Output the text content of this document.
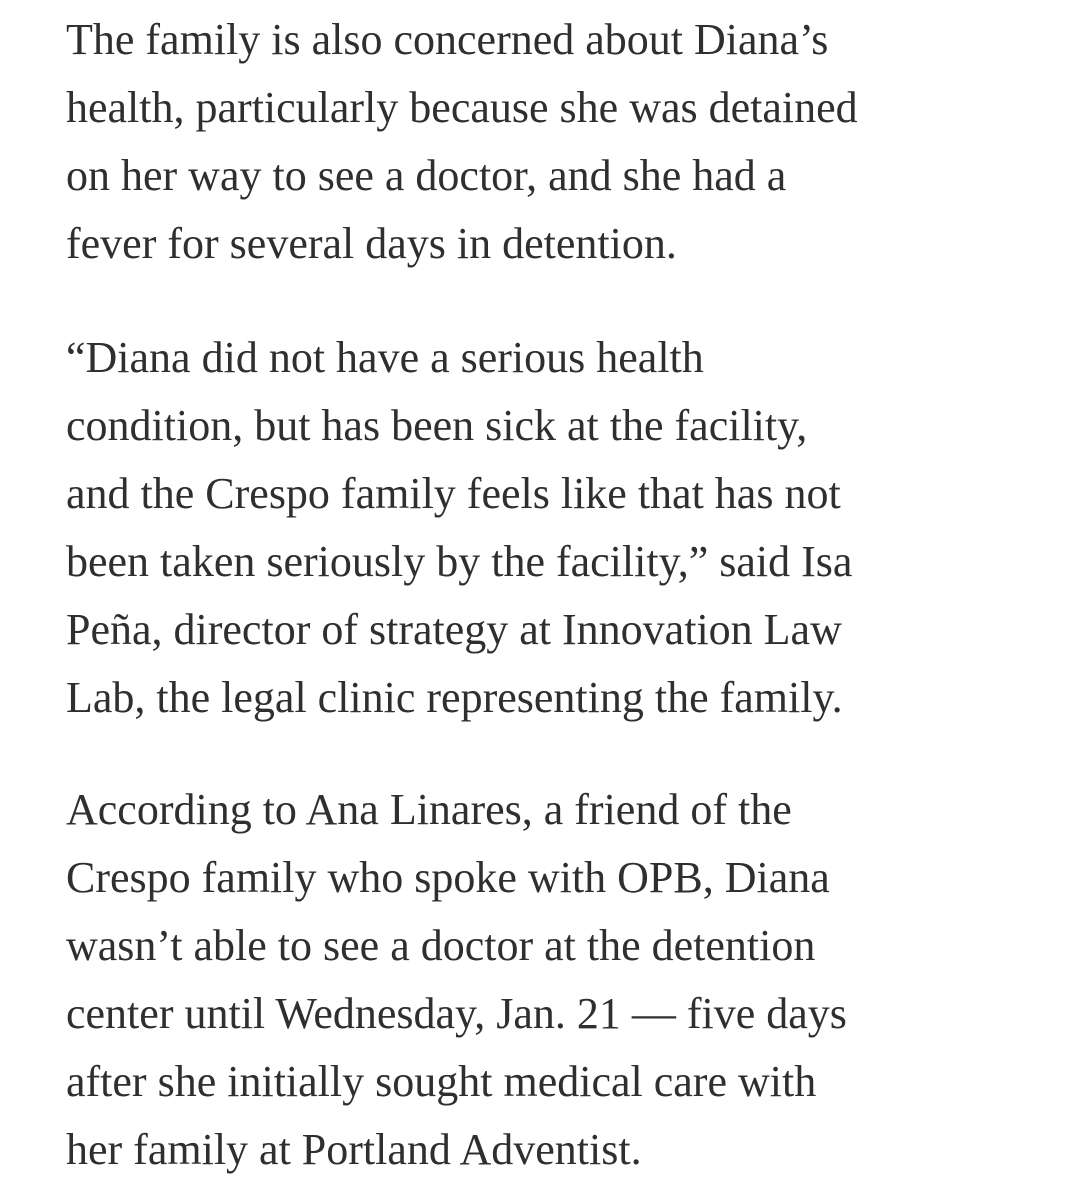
The family is also concerned about Diana’s
health, particularly because she was detained
on her way to see a doctor, and she had a
fever for several days in detention.

“Diana did not have a serious health
condition, but has been sick at the facility,
and the Crespo family feels like that has not
been taken seriously by the facility,” said Isa
Peña, director of strategy at Innovation Law
Lab, the legal clinic representing the family.

According to Ana Linares, a friend of the
Crespo family who spoke with OPB, Diana
wasn’t able to see a doctor at the detention
center until Wednesday, Jan. 21 — five days
after she initially sought medical care with
her family at Portland Adventist.
